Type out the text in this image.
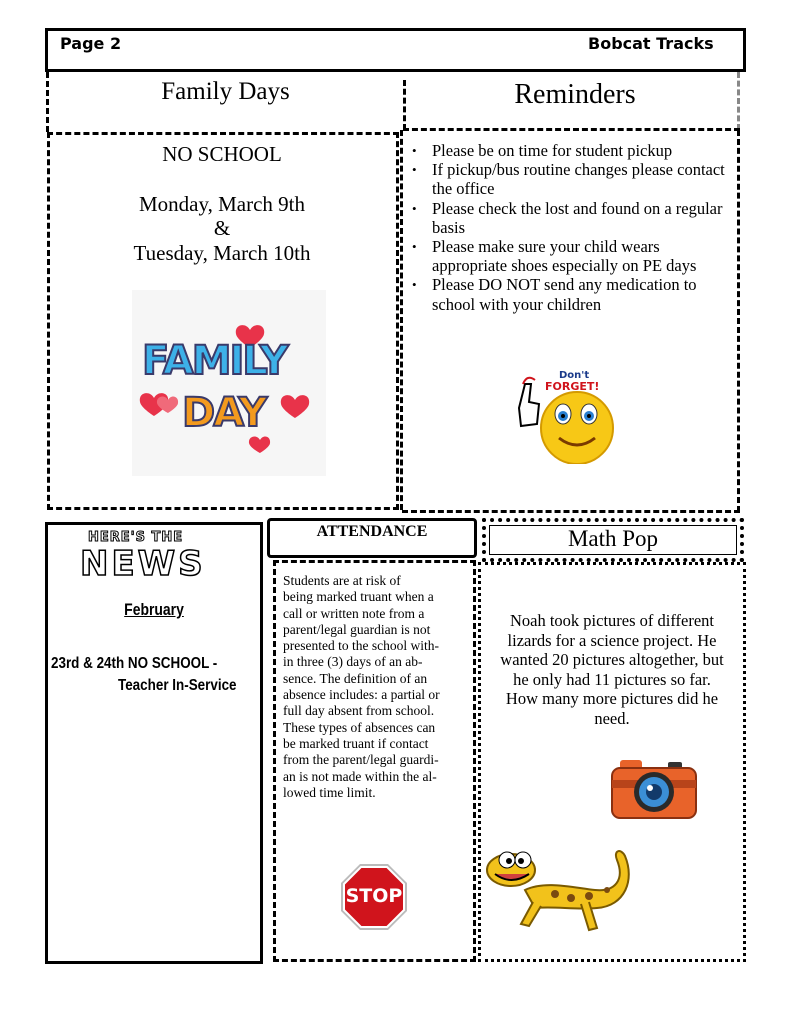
Page 2	Bobcat Tracks
Family Days	Reminders
NO SCHOOL
Monday, March 9th
&
Tuesday, March 10th
FAMILY
DAY
• Please be on time for student pickup
• If pickup/bus routine changes please contact the office
• Please check the lost and found on a regular basis
• Please make sure your child wears appropriate shoes especially on PE days
• Please DO NOT send any medication to school with your children
Don't
FORGET!
HERE'S THE
NEWS
February
23rd & 24th NO SCHOOL -
Teacher In-Service
ATTENDANCE
Students are at risk of
being marked truant when a
call or written note from a
parent/legal guardian is not
presented to the school with-
in three (3) days of an ab-
sence. The definition of an
absence includes: a partial or
full day absent from school.
These types of absences can
be marked truant if contact
from the parent/legal guardi-
an is not made within the al-
lowed time limit.
STOP
Math Pop
Noah took pictures of different
lizards for a science project. He
wanted 20 pictures altogether, but
he only had 11 pictures so far.
How many more pictures did he
need.
